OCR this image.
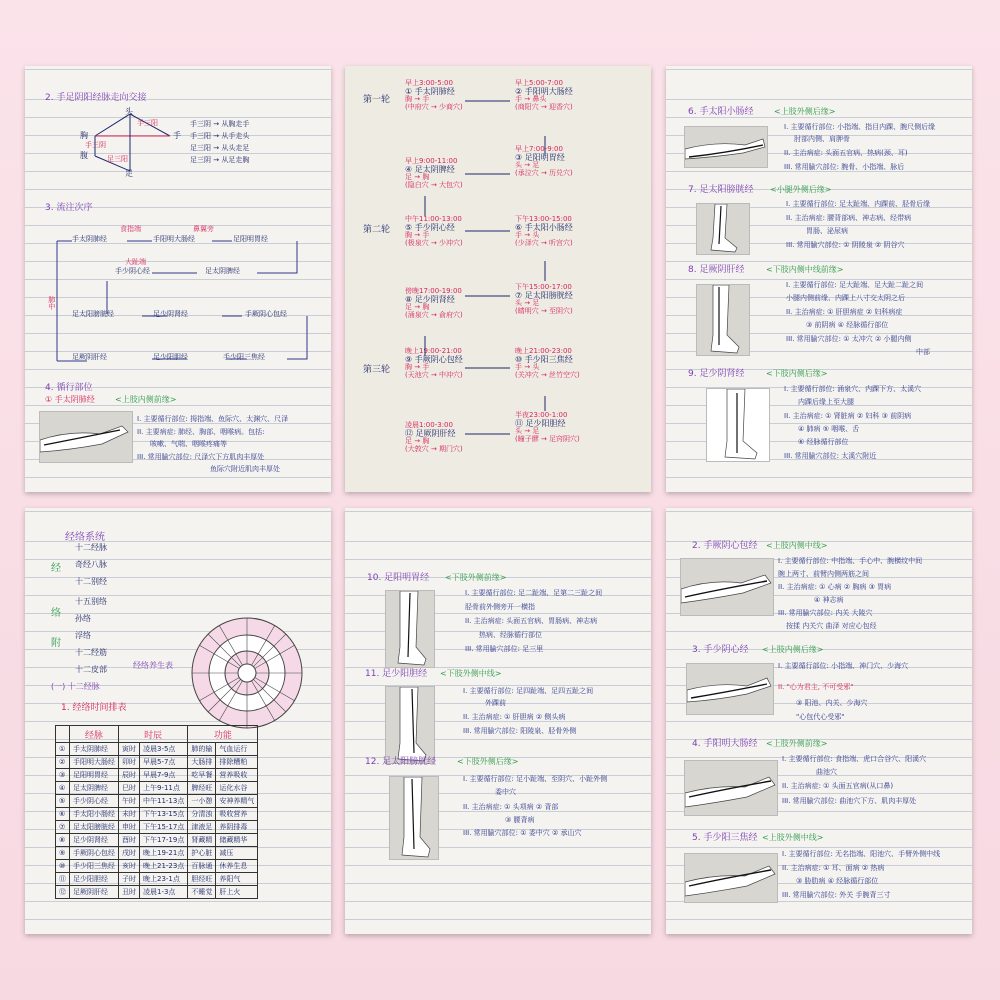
2. 手足阴阳经脉走向交接
头
胸	手
腹
足
手三阴
手三阳
足三阳
手三阴 → 从胸走手
手三阳 → 从手走头
足三阳 → 从头走足
足三阴 → 从足走胸
3. 流注次序
手太阴肺经
食指端
手阳明大肠经
鼻翼旁
足阳明胃经
手少阴心经
大趾端
足太阴脾经
足太阳膀胱经	足少阴肾经	手厥阴心包经
足厥阴肝经	足少阳胆经	手少阳三焦经
肺中
4. 循行部位
① 手太阴肺经	<上肢内侧前缘>
I. 主要循行部位: 拇指端、鱼际穴、太渊穴、尺泽
II. 主要病症: 肺经、胸部、咽喉病。包括:
咳嗽、气喘、咽喉疼痛等
III. 常用腧穴部位: 尺泽穴下方肌肉丰厚处
鱼际穴附近肌肉丰厚处
第一轮
第二轮
第三轮
早上3:00-5:00
① 手太阴肺经
胸 → 手
(中府穴 → 少商穴)
早上5:00-7:00
② 手阳明大肠经
手 → 鼻头
(商阳穴 → 迎香穴)
早上7:00-9:00
③ 足阳明胃经
头 → 足
(承泣穴 → 历兑穴)
早上9:00-11:00
④ 足太阴脾经
足 → 胸
(隐白穴 → 大包穴)
中午11:00-13:00
⑤ 手少阴心经
胸 → 手
(极泉穴 → 少冲穴)
下午13:00-15:00
⑥ 手太阳小肠经
手 → 头
(少泽穴 → 听宫穴)
下午15:00-17:00
⑦ 足太阳膀胱经
头 → 足
(睛明穴 → 至阴穴)
傍晚17:00-19:00
⑧ 足少阴肾经
足 → 胸
(涌泉穴 → 俞府穴)
晚上19:00-21:00
⑨ 手厥阴心包经
胸 → 手
(天池穴 → 中冲穴)
晚上21:00-23:00
⑩ 手少阳三焦经
手 → 头
(关冲穴 → 丝竹空穴)
半夜23:00-1:00
⑪ 足少阳胆经
头 → 足
(瞳子髎 → 足窍阴穴)
凌晨1:00-3:00
⑫ 足厥阴肝经
足 → 胸
(大敦穴 → 期门穴)
6. 手太阳小肠经	<上肢外侧后缘>
I. 主要循行部位: 小指端、指目内踝、腕尺侧后缘
肘部内侧、肩胛骨
II. 主治病症: 头面五官病、热病(颈、耳)
III. 常用腧穴部位: 腕骨、小指端、脉后
7. 足太阳膀胱经 <小腿外侧后缘>
I. 主要循行部位: 足太趾端、内踝前、胫骨后缘
II. 主治病症: 腰背部病、神志病、经带病
胃肠、泌尿病
III. 常用腧穴部位: ① 阴陵泉 ② 阴谷穴
8. 足厥阴肝经	<下肢内侧中线前缘>
I. 主要循行部位: 足大趾端、足大趾二趾之间
小腿内侧前缘、内踝上八寸交太阴之后
II. 主治病症: ① 肝胆病症 ② 妇科病症
③ 前阴病 ④ 经脉循行部位
III. 常用腧穴部位: ① 太冲穴 ② 小腿内侧
中部
9. 足少阴肾经	<下肢内侧后缘>
I. 主要循行部位: 涌泉穴、内踝下方、太溪穴
内踝后缘上至大腿
II. 主治病症: ① 肾脏病 ② 妇科 ③ 前阴病
④ 肺病 ⑤ 咽喉、舌
⑥ 经脉循行部位
III. 常用腧穴部位: 太溪穴附近
经络系统
经
络
附
十二经脉
奇经八脉
十二别经
十五别络
孙络
浮络
十二经筋
十二皮部	经络养生表
(一) 十二经脉
1. 经络时间排表
	经脉	时辰		功能	
①	手太阴肺经	寅时	凌晨3-5点	肺的输	气血运行
②	手阳明大肠经	卯时	早晨5-7点	大肠排	排除糟粕
③	足阳明胃经	辰时	早晨7-9点	吃早餐	营养吸收
④	足太阴脾经	巳时	上午9-11点	脾经旺	运化水谷
⑤	手少阴心经	午时	中午11-13点	一小憩	安神养精气
⑥	手太阳小肠经	未时	下午13-15点	分清浊	吸收营养
⑦	足太阳膀胱经	申时	下午15-17点	津液足	养阴排毒
⑧	足少阴肾经	酉时	下午17-19点	肾藏精	储藏精华
⑨	手厥阴心包经	戌时	晚上19-21点	护心脏	减压
⑩	手少阳三焦经	亥时	晚上21-23点	百脉通	休养生息
⑪	足少阳胆经	子时	晚上23-1点	胆经旺	养阳气
⑫	足厥阴肝经	丑时	凌晨1-3点	不睡觉	肝上火
10. 足阳明胃经 <下肢外侧前缘>
I. 主要循行部位: 足二趾端、足第二三趾之间
胫骨前外侧旁开一横指
II. 主治病症: 头面五官病、胃肠病、神志病
热病、经脉循行部位
III. 常用腧穴部位: 足三里
11. 足少阳胆经 <下肢外侧中线>
I. 主要循行部位: 足四趾端、足四五趾之间
外踝前
II. 主治病症: ① 肝胆病 ② 侧头病
III. 常用腧穴部位: 阳陵泉、胫骨外侧
12. 足太阳膀胱经	<下肢外侧后缘>
I. 主要循行部位: 足小趾端、至阴穴、小趾外侧
委中穴
II. 主治病症: ① 头项病 ② 背部
③ 腰背病
III. 常用腧穴部位: ① 委中穴 ② 承山穴
2. 手厥阴心包经 <上肢内侧中线>
I. 主要循行部位: 中指端、手心中、腕横纹中间
腕上两寸、前臂内侧两筋之间
II. 主治病症: ① 心病 ② 胸病 ③ 胃病
④ 神志病
III. 常用腧穴部位: 内关 大陵穴
按揉 内关穴 曲泽 对应心包经
3. 手少阴心经 <上肢内侧后缘>
I. 主要循行部位: 小指端、神门穴、少海穴
II. "心为君主, 不可受邪"
③ 阳池、内关、少海穴
"心包代心受邪"
4. 手阳明大肠经 <上肢外侧前缘>
I. 主要循行部位: 食指端、虎口合谷穴、阳溪穴
曲池穴
II. 主治病症: ① 头面五官病(从口鼻)
III. 常用腧穴部位: 曲池穴下方、肌肉丰厚处
5. 手少阳三焦经 <上肢外侧中线>
I. 主要循行部位: 无名指端、阳池穴、手臂外侧中线
II. 主治病症: ① 耳、面病 ② 热病
③ 胁肋病 ④ 经脉循行部位
III. 常用腧穴部位: 外关 手腕背三寸
